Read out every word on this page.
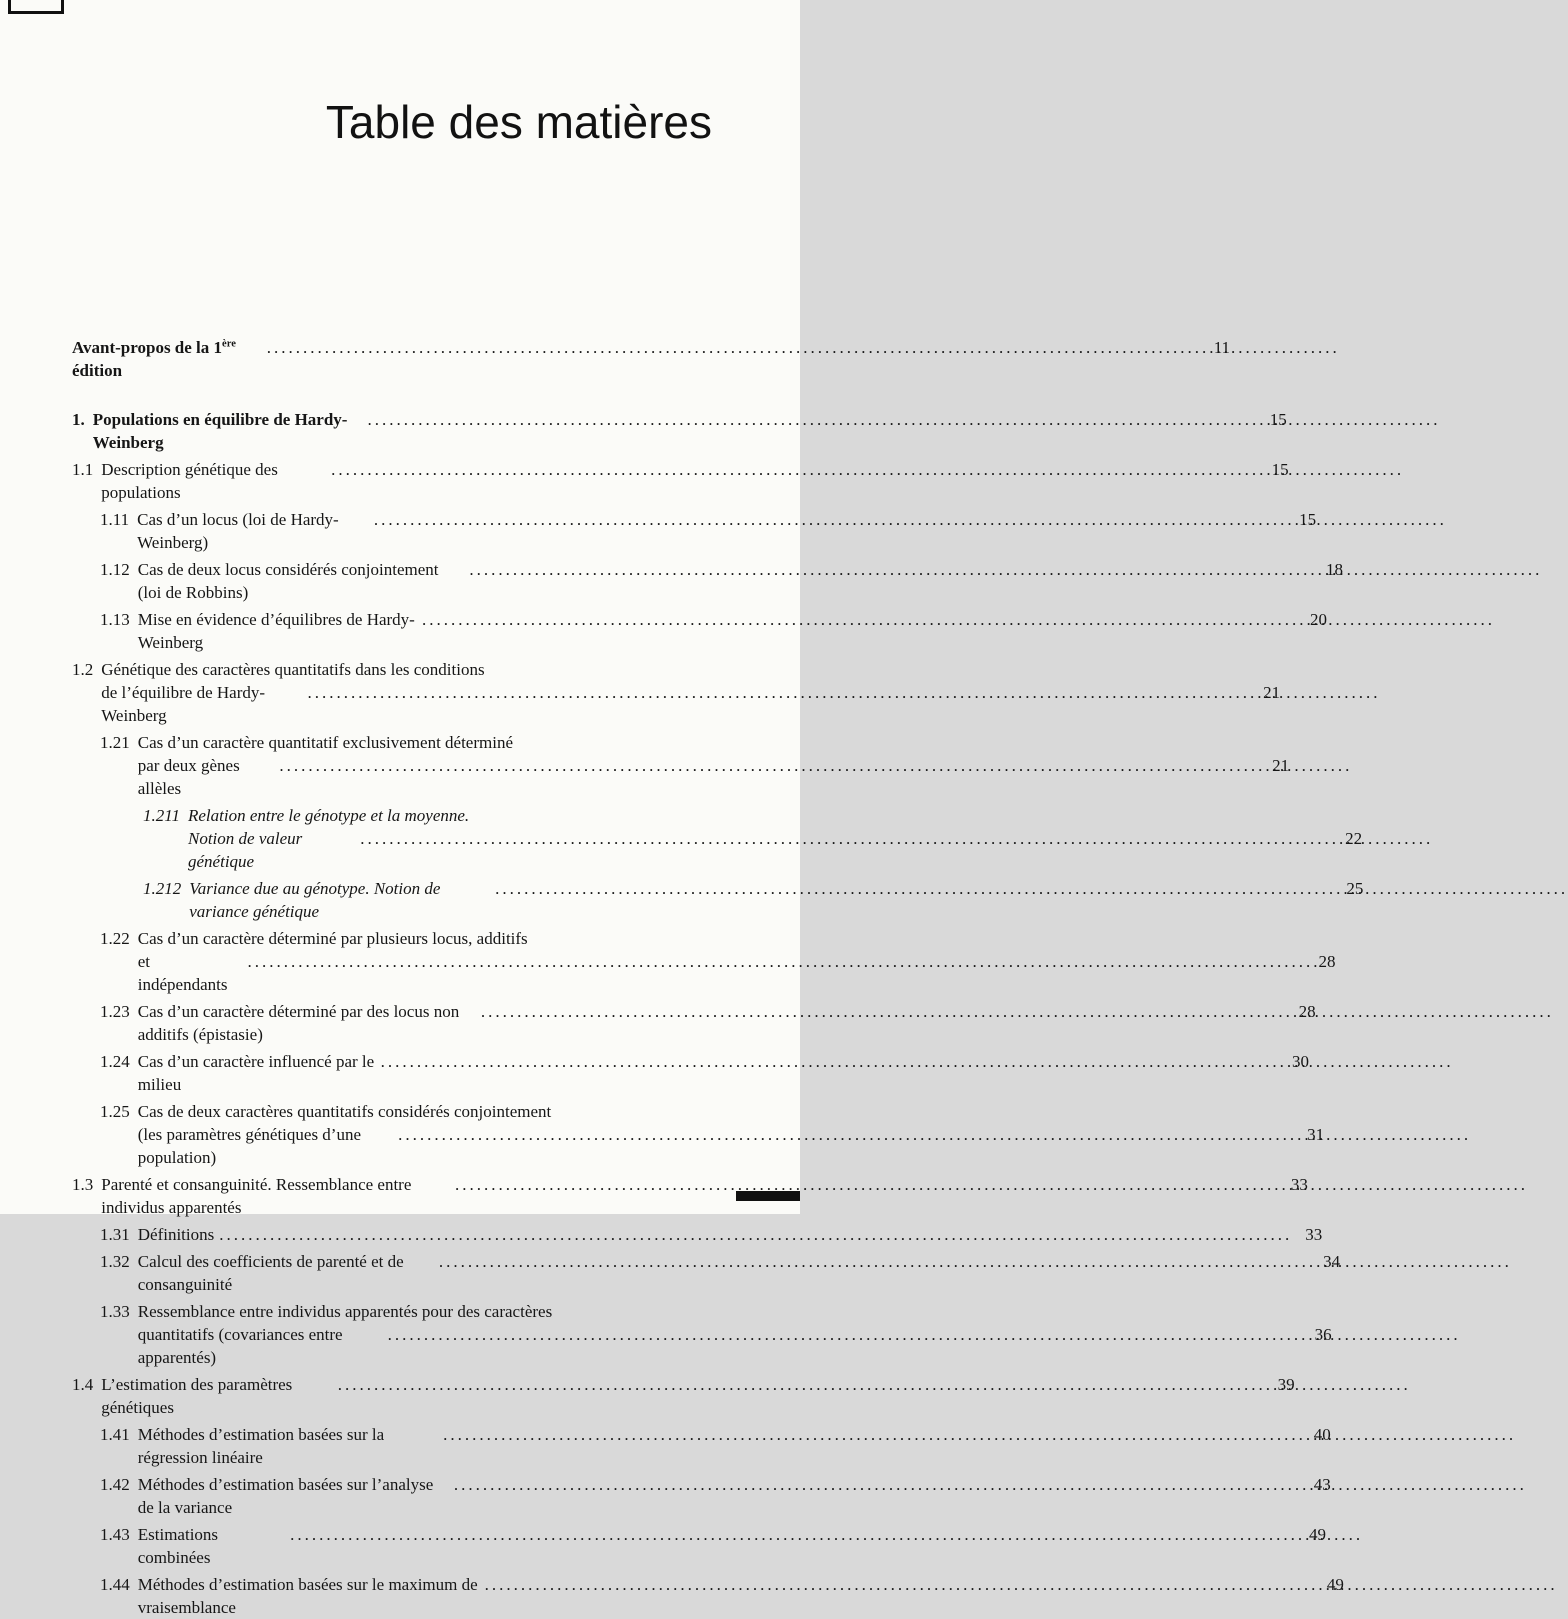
Table des matières
Avant-propos de la 1ère édition
.....
11
1. Populations en équilibre de Hardy-Weinberg
.....
15
1.1 Description génétique des populations
.....
15
1.11 Cas d’un locus (loi de Hardy-Weinberg)
.....
15
1.12 Cas de deux locus considérés conjointement (loi de Robbins)
.....
18
1.13 Mise en évidence d’équilibres de Hardy-Weinberg
.....
20
1.2 Génétique des caractères quantitatifs dans les conditions
de l’équilibre de Hardy-Weinberg
.....
21
1.21 Cas d’un caractère quantitatif exclusivement déterminé
par deux gènes allèles
.....
21
1.211 Relation entre le génotype et la moyenne.
Notion de valeur génétique
.....
22
1.212 Variance due au génotype. Notion de variance génétique
.....
25
1.22 Cas d’un caractère déterminé par plusieurs locus, additifs
et indépendants
.....
28
1.23 Cas d’un caractère déterminé par des locus non additifs (épistasie)
.....
28
1.24 Cas d’un caractère influencé par le milieu
.....
30
1.25 Cas de deux caractères quantitatifs considérés conjointement
(les paramètres génétiques d’une population)
.....
31
1.3 Parenté et consanguinité. Ressemblance entre individus apparentés
.....
33
1.31 Définitions .....	33
1.32 Calcul des coefficients de parenté et de consanguinité
.....
34
1.33 Ressemblance entre individus apparentés pour des caractères
quantitatifs (covariances entre apparentés)
.....
36
1.4 L’estimation des paramètres génétiques
.....
39
1.41 Méthodes d’estimation basées sur la régression linéaire
.....
40
1.42 Méthodes d’estimation basées sur l’analyse de la variance
.....
43
1.43 Estimations combinées
.....
49
1.44 Méthodes d’estimation basées sur le maximum de vraisemblance
.....
49
